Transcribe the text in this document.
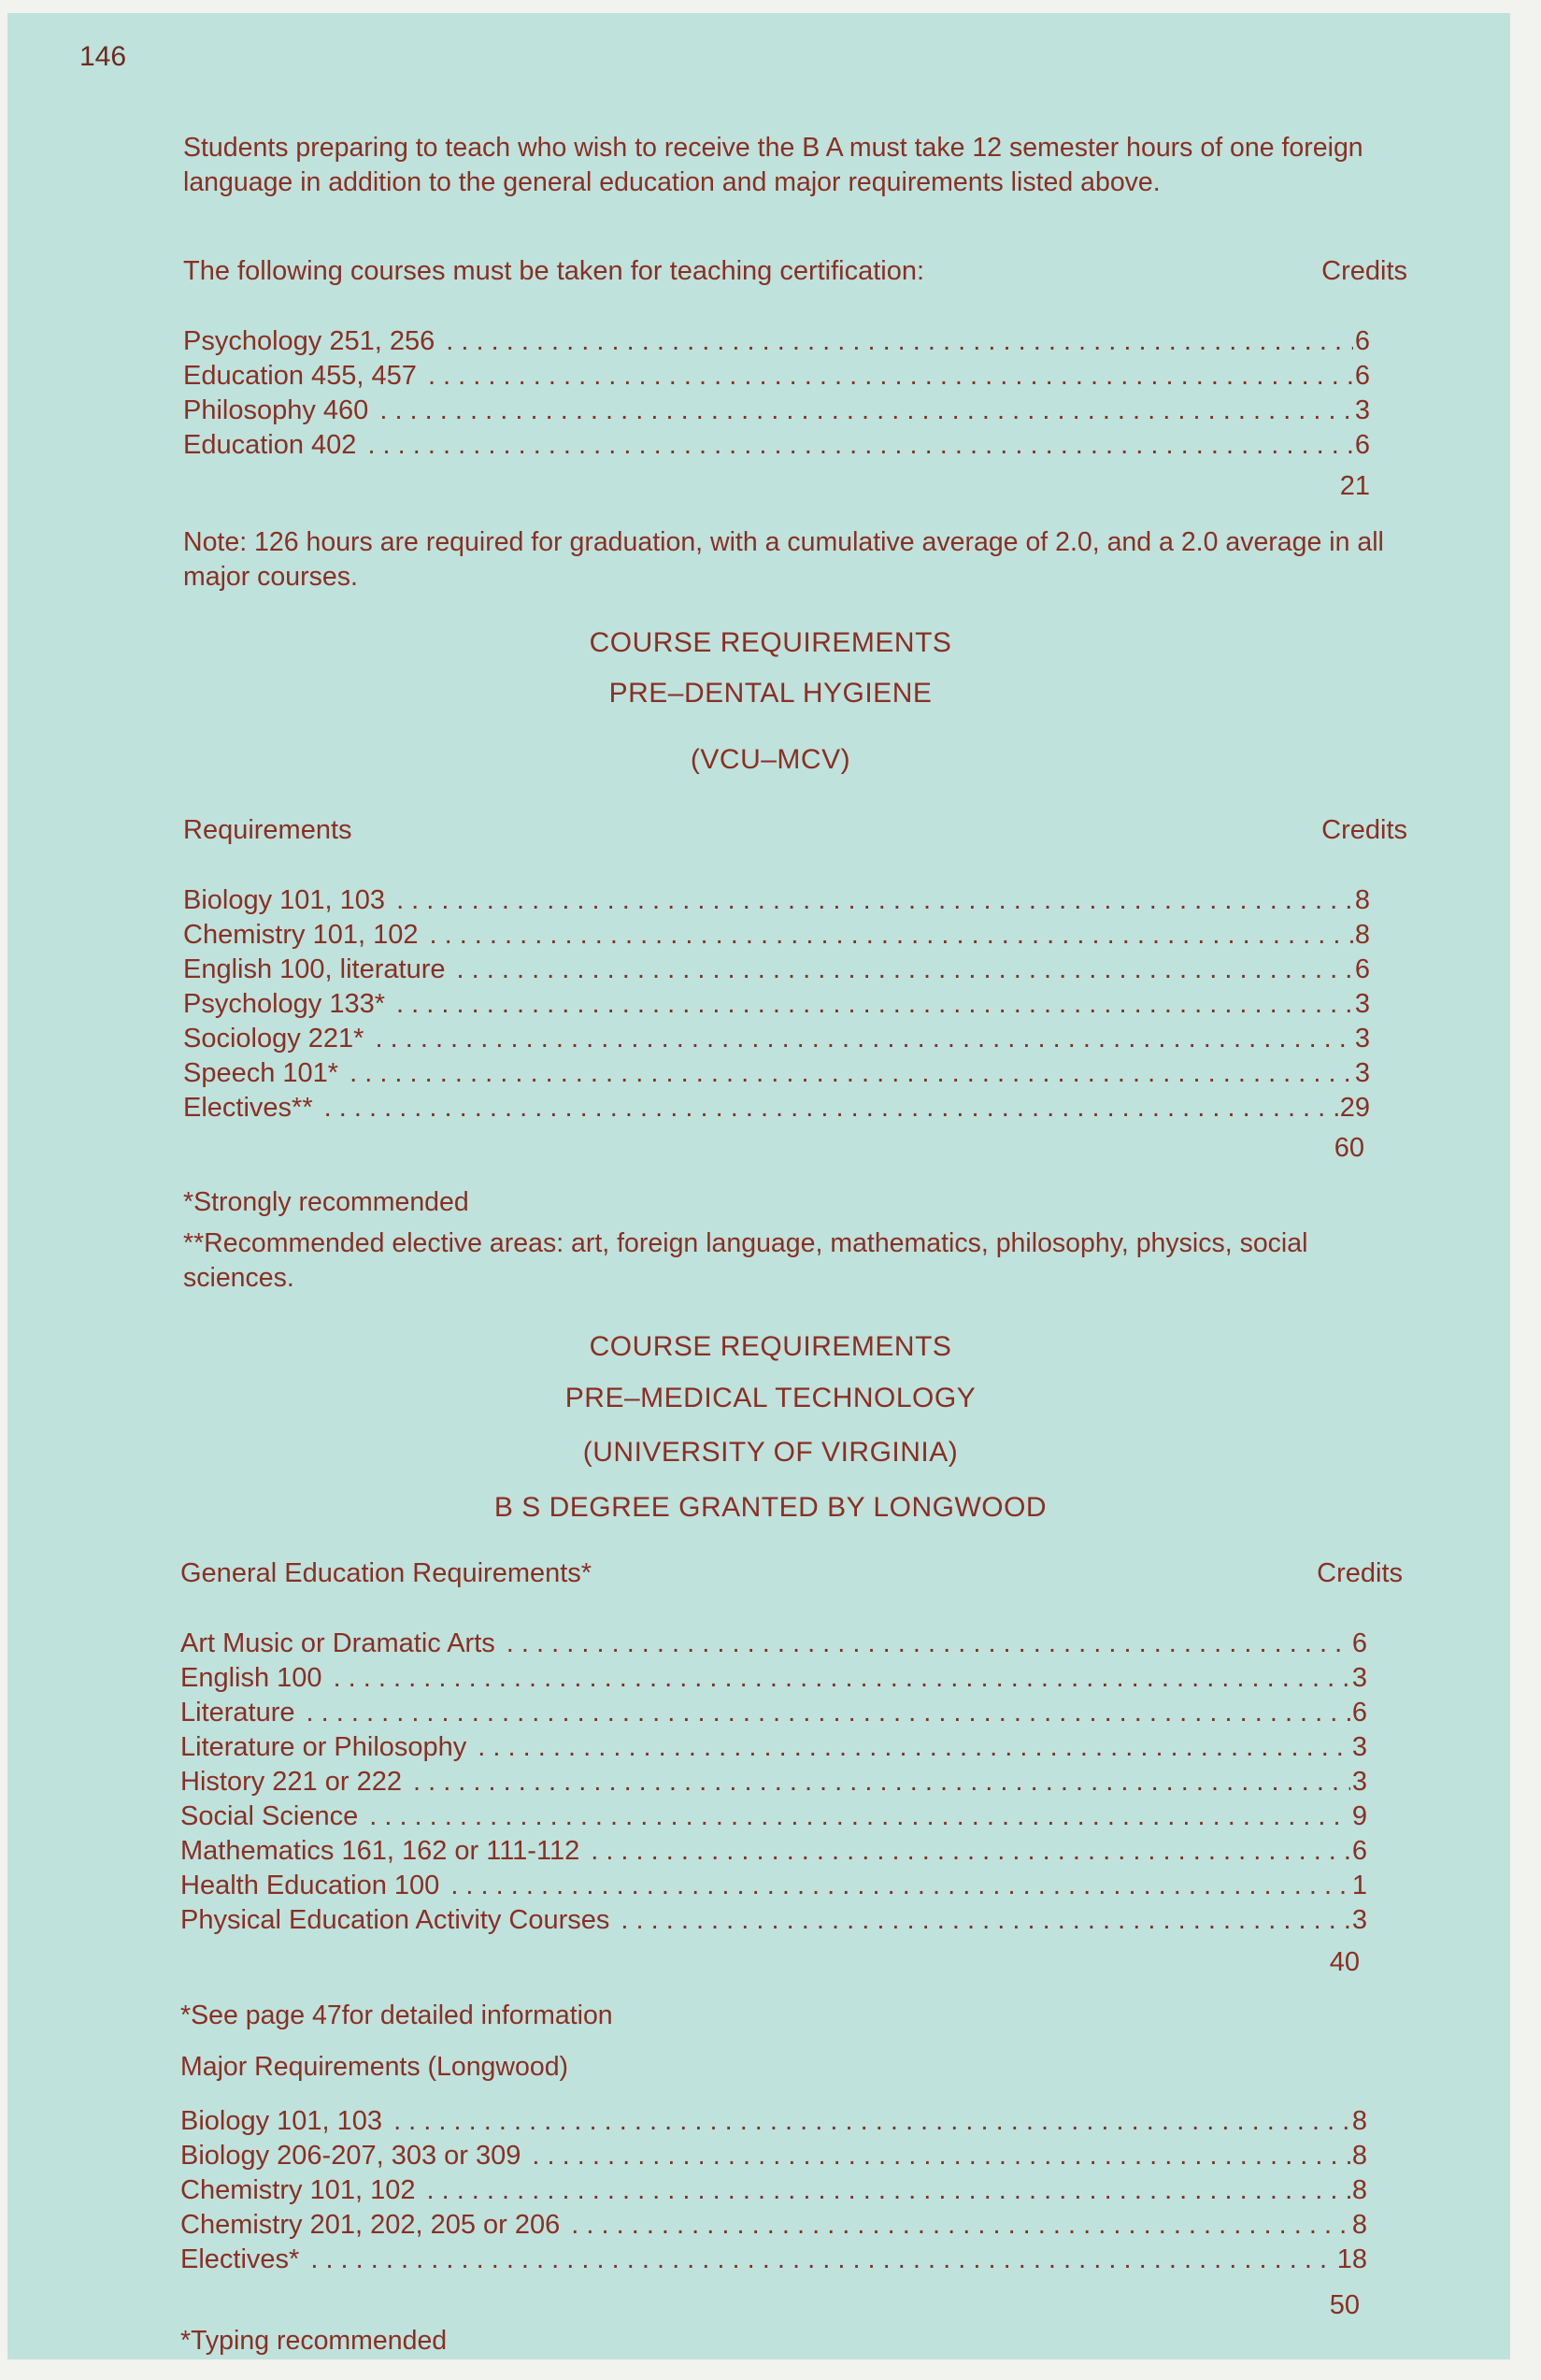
146
Students preparing to teach who wish to receive the B A must take 12 semester hours of one foreign language in addition to the general education and major requirements listed above.
The following courses must be taken for teaching certification:	Credits
Psychology 251, 256 . . .	6
Education 455, 457 . . .	6
Philosophy 460 . . .	3
Education 402 . . .	6
21
Note: 126 hours are required for graduation, with a cumulative average of 2.0, and a 2.0 average in all major courses.
COURSE REQUIREMENTS
PRE–DENTAL HYGIENE
(VCU–MCV)
Requirements	Credits
Biology 101, 103 . . .	8
Chemistry 101, 102 . . .	8
English 100, literature . . .	6
Psychology 133* . . .	3
Sociology 221* . . .	3
Speech 101* . . .	3
Electives** . . .	29
60
*Strongly recommended
**Recommended elective areas: art, foreign language, mathematics, philosophy, physics, social sciences.
COURSE REQUIREMENTS
PRE–MEDICAL TECHNOLOGY
(UNIVERSITY OF VIRGINIA)
B S DEGREE GRANTED BY LONGWOOD
General Education Requirements*	Credits
Art Music or Dramatic Arts . . .	6
English 100 . . .	3
Literature . . .	6
Literature or Philosophy . . .	3
History 221 or 222 . . .	3
Social Science . . .	9
Mathematics 161, 162 or 111-112 . . .	6
Health Education 100 . . .	1
Physical Education Activity Courses . . .	3
40
*See page 47for detailed information
Major Requirements (Longwood)
Biology 101, 103 . . .	8
Biology 206-207, 303 or 309 . . .	8
Chemistry 101, 102 . . .	8
Chemistry 201, 202, 205 or 206 . . .	8
Electives* . . .	18
50
*Typing recommended
